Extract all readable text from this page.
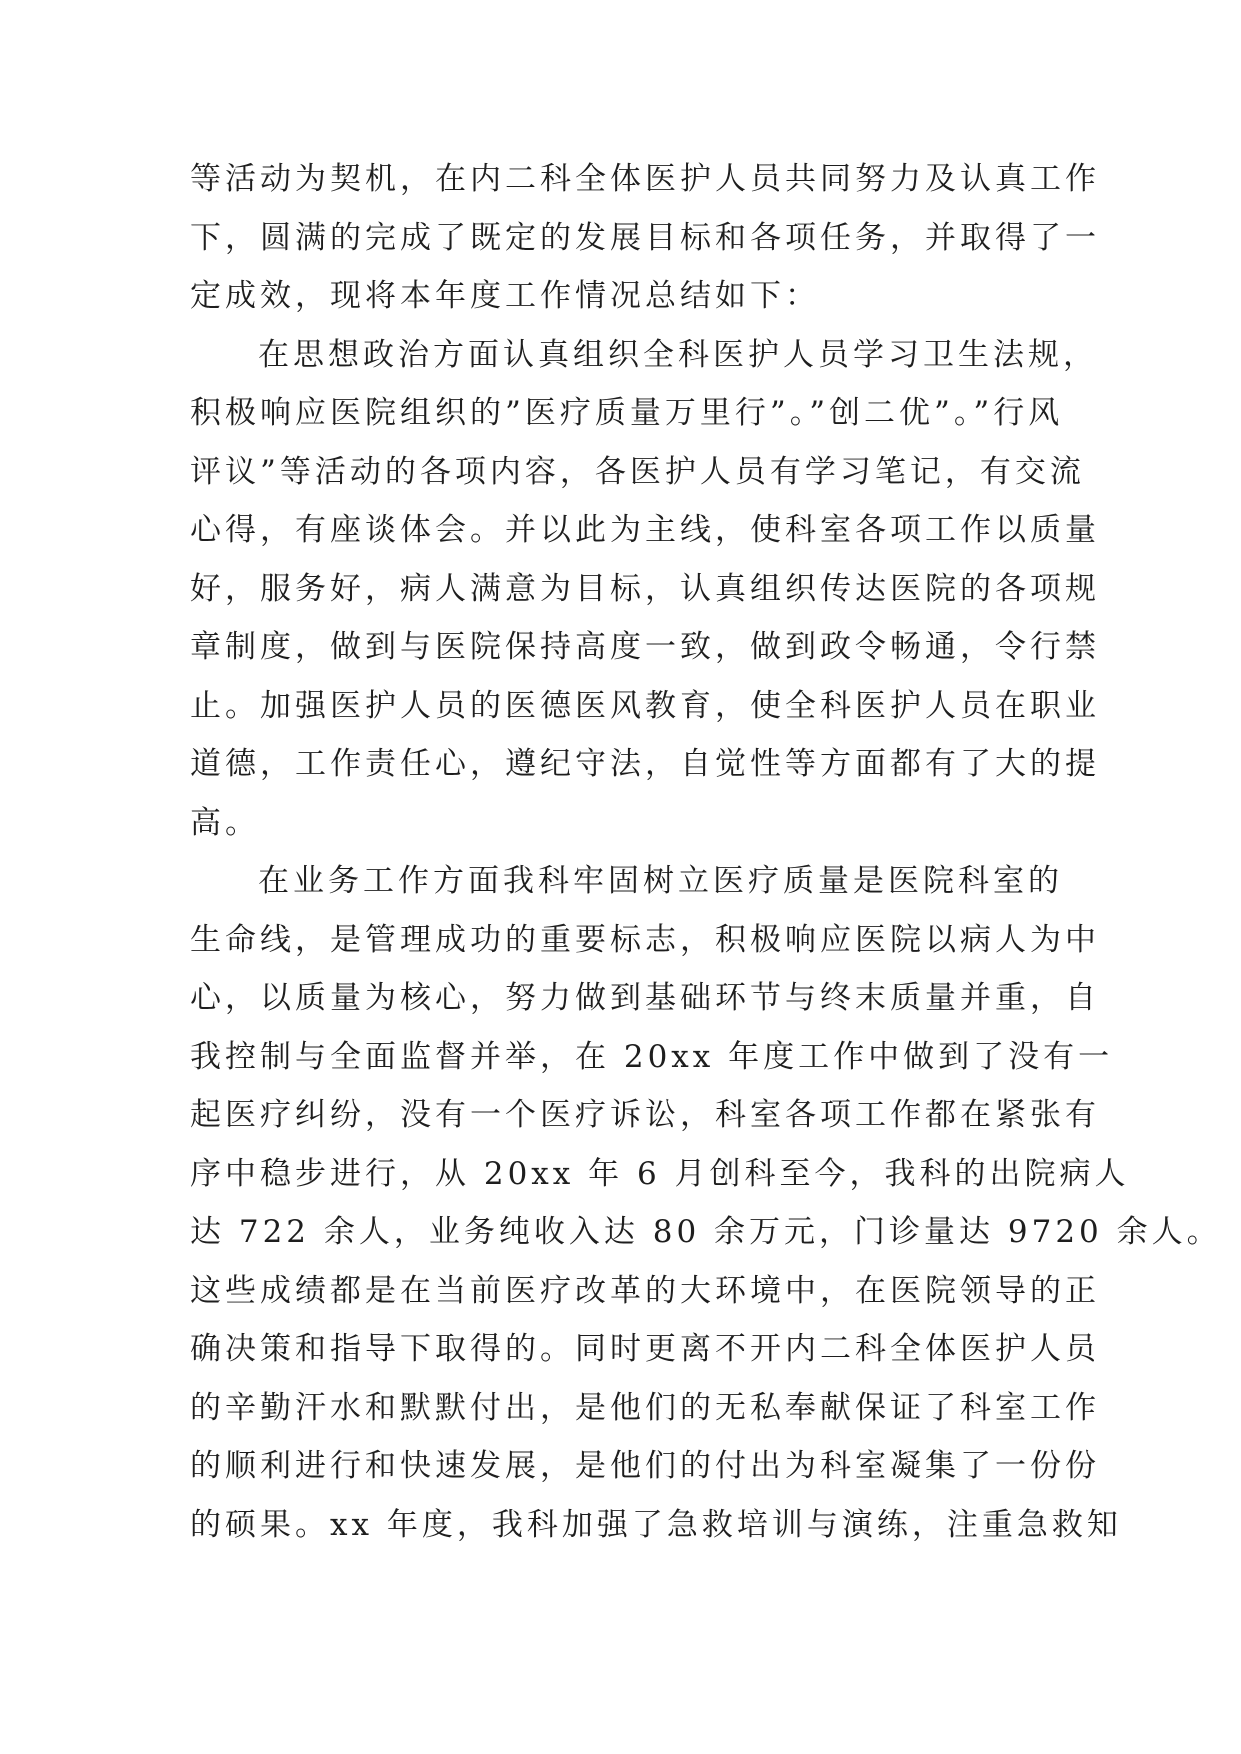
等活动为契机，在内二科全体医护人员共同努力及认真工作
下，圆满的完成了既定的发展目标和各项任务，并取得了一
定成效，现将本年度工作情况总结如下：
在思想政治方面认真组织全科医护人员学习卫生法规，
积极响应医院组织的”医疗质量万里行”。”创二优”。”行风
评议”等活动的各项内容，各医护人员有学习笔记，有交流
心得，有座谈体会。并以此为主线，使科室各项工作以质量
好，服务好，病人满意为目标，认真组织传达医院的各项规
章制度，做到与医院保持高度一致，做到政令畅通，令行禁
止。加强医护人员的医德医风教育，使全科医护人员在职业
道德，工作责任心，遵纪守法，自觉性等方面都有了大的提
高。
在业务工作方面我科牢固树立医疗质量是医院科室的
生命线，是管理成功的重要标志，积极响应医院以病人为中
心，以质量为核心，努力做到基础环节与终末质量并重，自
我控制与全面监督并举，在 20xx 年度工作中做到了没有一
起医疗纠纷，没有一个医疗诉讼，科室各项工作都在紧张有
序中稳步进行，从 20xx 年 6 月创科至今，我科的出院病人
达 722 余人，业务纯收入达 80 余万元，门诊量达 9720 余人。
这些成绩都是在当前医疗改革的大环境中，在医院领导的正
确决策和指导下取得的。同时更离不开内二科全体医护人员
的辛勤汗水和默默付出，是他们的无私奉献保证了科室工作
的顺利进行和快速发展，是他们的付出为科室凝集了一份份
的硕果。xx 年度，我科加强了急救培训与演练，注重急救知
